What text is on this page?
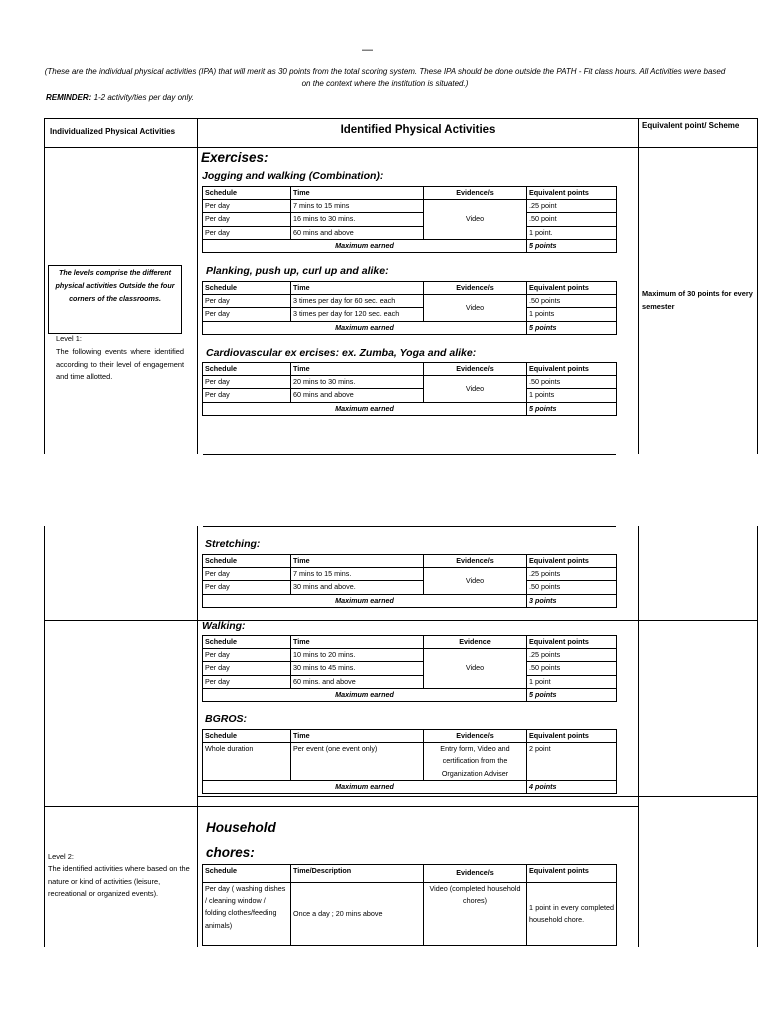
—
(These are the individual physical activities (IPA) that will merit as 30 points from the total scoring system. These IPA should be done outside the PATH - Fit class hours. All Activities were based on the context where the institution is situated.)
REMINDER: 1-2 activity/ties per day only.
Individualized Physical Activities	Identified Physical Activities	Equivalent point/ Scheme
The levels comprise the different physical activities Outside the four corners of the classrooms.
Level 1:
The following events where identified according to their level of engagement and time allotted.
Maximum of 30 points for every semester
Exercises:
Jogging and walking (Combination):
Schedule	Time	Evidence/s	Equivalent points
Per day	7 mins to 15 mins	Video	.25 point
Per day	16 mins to 30 mins.		.50 point
Per day	60 mins and above		1 point.
Maximum earned			5 points
Planking, push up, curl up and alike:
Schedule	Time	Evidence/s	Equivalent points
Per day	3 times per day for 60 sec. each	Video	.50 points
Per day	3 times per day for 120 sec. each		1 points
Maximum earned			5 points
Cardiovascular ex ercises: ex. Zumba, Yoga and alike:
Schedule	Time	Evidence/s	Equivalent points
Per day	20 mins to 30 mins.	Video	.50 points
Per day	60 mins and above		1 points
Maximum earned			5 points
Stretching:
Schedule	Time	Evidence/s	Equivalent points
Per day	7 mins to 15 mins.	Video	.25 points
Per day	30 mins and above.		.50 points
Maximum earned			3 points
Walking:
Schedule	Time	Evidence	Equivalent points
Per day	10 mins to 20 mins.	Video	.25 points
Per day	30 mins to 45 mins.		.50 points
Per day	60 mins. and above		1 point
Maximum earned			5 points
BGROS:
Schedule	Time	Evidence/s	Equivalent points
Whole duration	Per event (one event only)	Entry form, Video and certification from the Organization Adviser	2 point
Maximum earned			4 points
Level 2:
The identified activities where based on the nature or kind of activities (leisure, recreational or organized events).
Household
chores:
Schedule	Time/Description	Evidence/s	Equivalent points
Per day ( washing dishes / cleaning window / folding clothes/feeding animals)	Once a day ; 20 mins above	Video (completed household chores)	1 point in every completed household chore.
